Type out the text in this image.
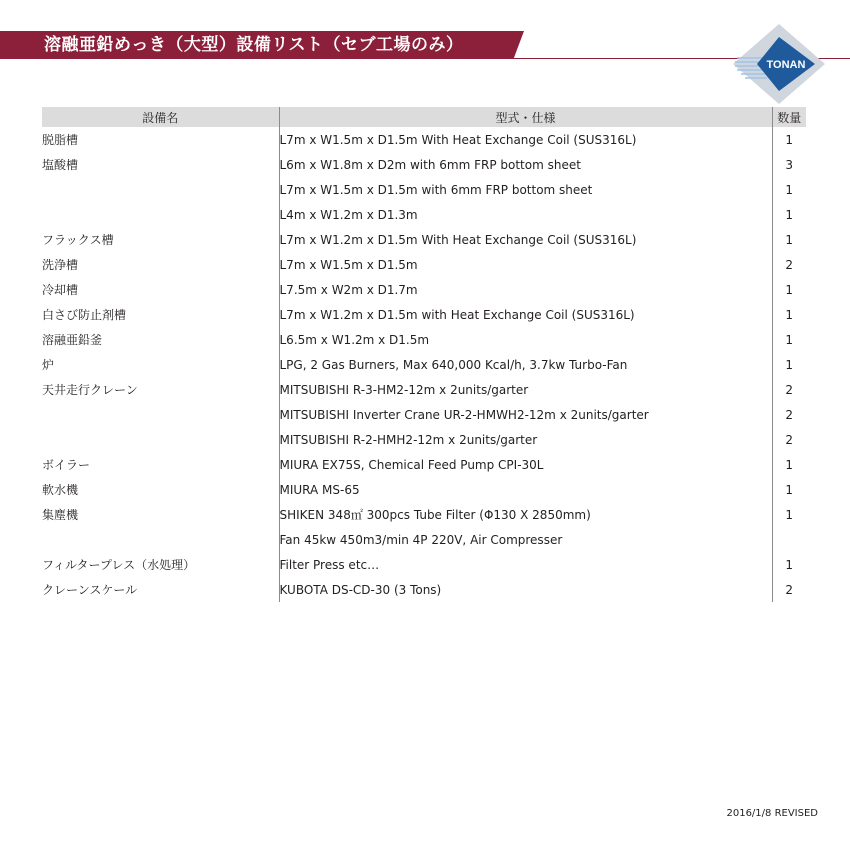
溶融亜鉛めっき（大型）設備リスト（セブ工場のみ）
TONAN
設備名	型式・仕様	数量
脱脂槽	L7m x W1.5m x D1.5m With Heat Exchange Coil (SUS316L)	1
塩酸槽	L6m x W1.8m x D2m with 6mm FRP bottom sheet	3
	L7m x W1.5m x D1.5m with 6mm FRP bottom sheet	1
	L4m x W1.2m x D1.3m	1
フラックス槽	L7m x W1.2m x D1.5m With Heat Exchange Coil (SUS316L)	1
洗浄槽	L7m x W1.5m x D1.5m	2
冷却槽	L7.5m x W2m x D1.7m	1
白さび防止剤槽	L7m x W1.2m x D1.5m with Heat Exchange Coil (SUS316L)	1
溶融亜鉛釜	L6.5m x W1.2m x D1.5m	1
炉	LPG, 2 Gas Burners, Max 640,000 Kcal/h, 3.7kw Turbo-Fan	1
天井走行クレーン	MITSUBISHI R-3-HM2-12m x 2units/garter	2
	MITSUBISHI Inverter Crane UR-2-HMWH2-12m x 2units/garter	2
	MITSUBISHI R-2-HMH2-12m x 2units/garter	2
ボイラー	MIURA EX75S, Chemical Feed Pump CPI-30L	1
軟水機	MIURA MS-65	1
集塵機	SHIKEN 348㎡ 300pcs Tube Filter (Φ130 X 2850mm)	1
	Fan 45kw 450m3/min 4P 220V, Air Compresser	
フィルタープレス（水処理）	Filter Press etc…	1
クレーンスケール	KUBOTA DS-CD-30 (3 Tons)	2
2016/1/8 REVISED
